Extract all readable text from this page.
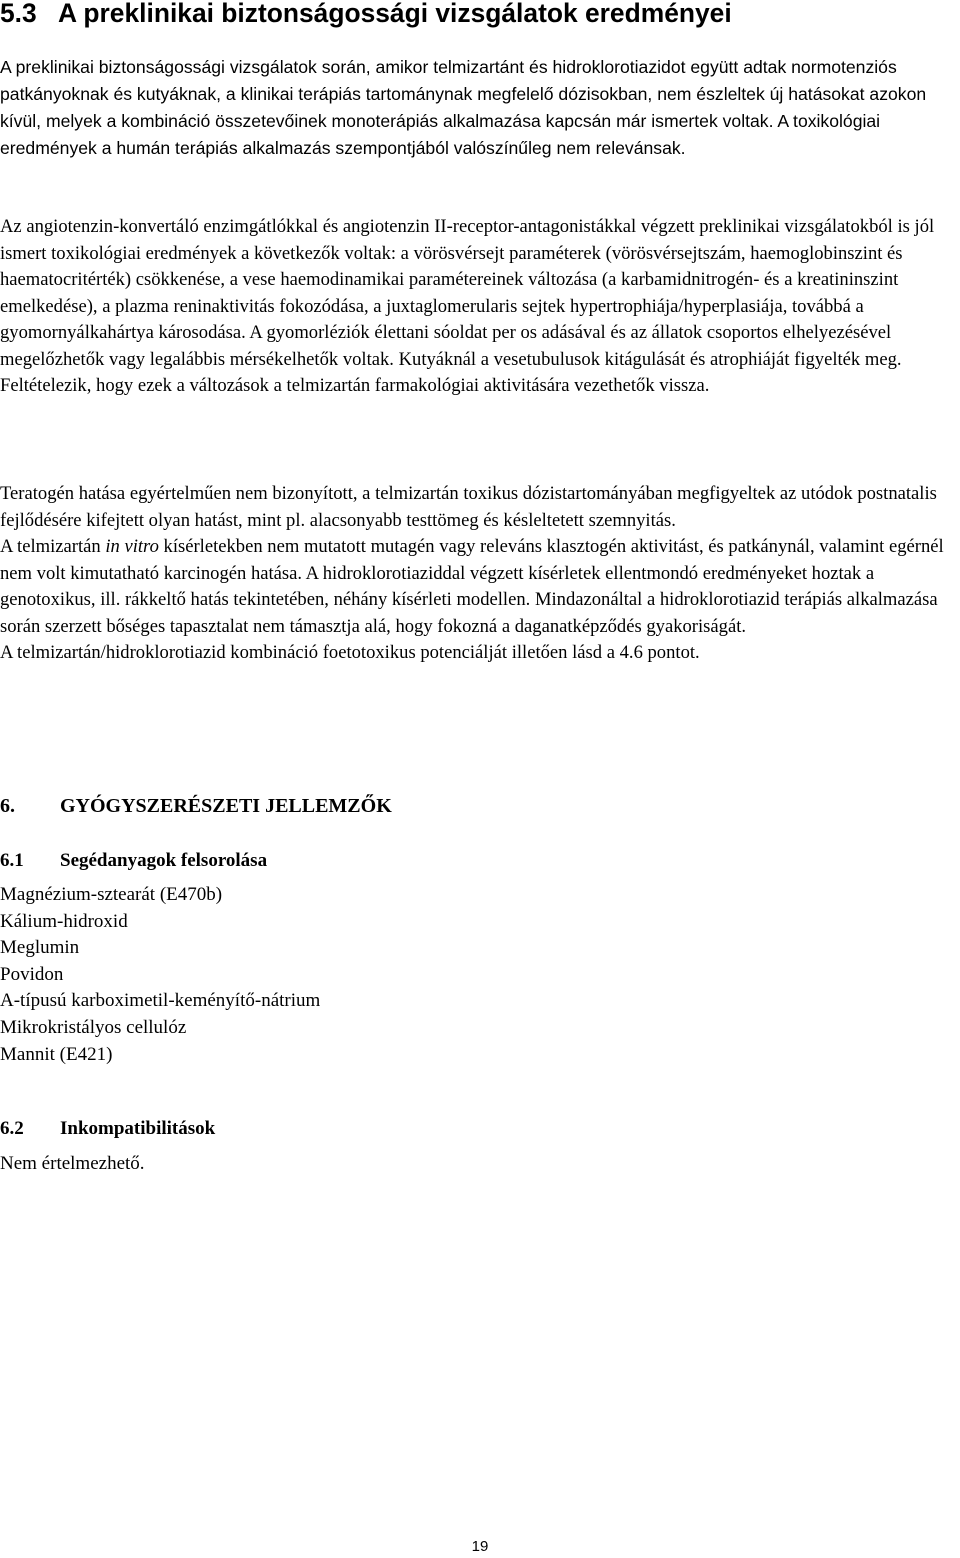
5.3 A preklinikai biztonságossági vizsgálatok eredményei

A preklinikai biztonságossági vizsgálatok során, amikor telmizartánt és hidroklorotiazidot együtt adtak normotenziós patkányoknak és kutyáknak, a klinikai terápiás tartománynak megfelelő dózisokban, nem észleltek új hatásokat azokon kívül, melyek a kombináció összetevőinek monoterápiás alkalmazása kapcsán már ismertek voltak. A toxikológiai eredmények a humán terápiás alkalmazás szempontjából valószínűleg nem relevánsak.

Az angiotenzin-konvertáló enzimgátlókkal és angiotenzin II-receptor-antagonistákkal végzett preklinikai vizsgálatokból is jól ismert toxikológiai eredmények a következők voltak: a vörösvérsejt paraméterek (vörösvérsejtszám, haemoglobinszint és haematocritérték) csökkenése, a vese haemodinamikai paramétereinek változása (a karbamidnitrogén- és a kreatininszint emelkedése), a plazma reninaktivitás fokozódása, a juxtaglomerularis sejtek hypertrophiája/hyperplasiája, továbbá a gyomornyálkahártya károsodása. A gyomorléziók élettani sóoldat per os adásával és az állatok csoportos elhelyezésével megelőzhetők vagy legalábbis mérsékelhetők voltak. Kutyáknál a vesetubulusok kitágulását és atrophiáját figyelték meg. Feltételezik, hogy ezek a változások a telmizartán farmakológiai aktivitására vezethetők vissza.

Teratogén hatása egyértelműen nem bizonyított, a telmizartán toxikus dózistartományában megfigyeltek az utódok postnatalis fejlődésére kifejtett olyan hatást, mint pl. alacsonyabb testtömeg és késleltetett szemnyitás.

A telmizartán in vitro kísérletekben nem mutatott mutagén vagy releváns klasztogén aktivitást, és patkánynál, valamint egérnél nem volt kimutatható karcinogén hatása. A hidroklorotiaziddal végzett kísérletek ellentmondó eredményeket hoztak a genotoxikus, ill. rákkeltő hatás tekintetében, néhány kísérleti modellen. Mindazonáltal a hidroklorotiazid terápiás alkalmazása során szerzett bőséges tapasztalat nem támasztja alá, hogy fokozná a daganatképződés gyakoriságát.

A telmizartán/hidroklorotiazid kombináció foetotoxikus potenciálját illetően lásd a 4.6 pontot.

6.	GYÓGYSZERÉSZETI JELLEMZŐK
6.1	Segédanyagok felsorolása
Magnézium-sztearát (E470b)
Kálium-hidroxid
Meglumin
Povidon
A-típusú karboximetil-keményítő-nátrium
Mikrokristályos cellulóz
Mannit (E421)
6.2	Inkompatibilitások

Nem értelmezhető.

19
